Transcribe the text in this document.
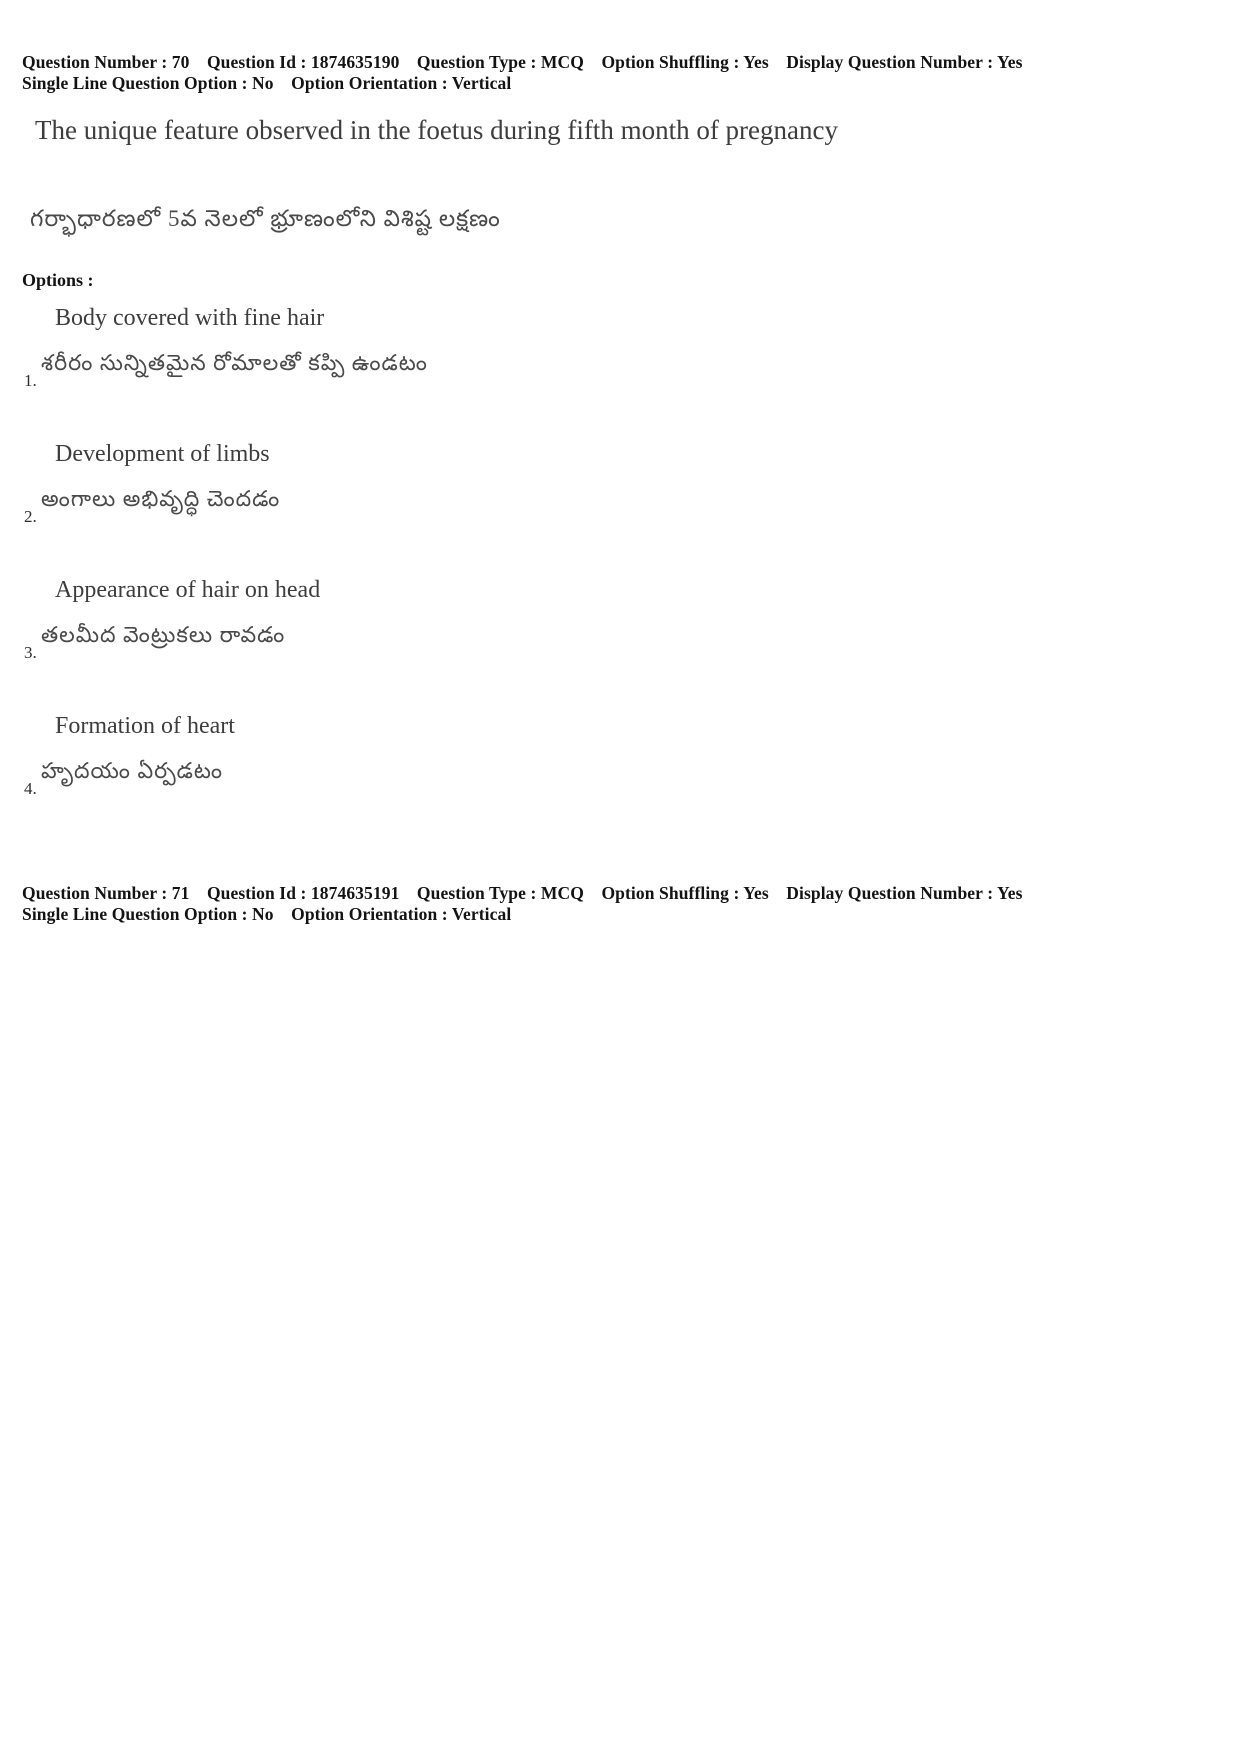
Question Number : 70 Question Id : 1874635190 Question Type : MCQ Option Shuffling : Yes Display Question Number : Yes
Single Line Question Option : No Option Orientation : Vertical
The unique feature observed in the foetus during fifth month of pregnancy
గర్భాధారణలో 5వ నెలలో భ్రూణంలోని విశిష్ట లక్షణం
Options :
Body covered with fine hair
శరీరం సున్నితమైన రోమాలతో కప్పి ఉండటం
1.
Development of limbs
అంగాలు అభివృద్ధి చెందడం
2.
Appearance of hair on head
తలమీద వెంట్రుకలు రావడం
3.
Formation of heart
హృదయం ఏర్పడటం
4.
Question Number : 71 Question Id : 1874635191 Question Type : MCQ Option Shuffling : Yes Display Question Number : Yes
Single Line Question Option : No Option Orientation : Vertical
